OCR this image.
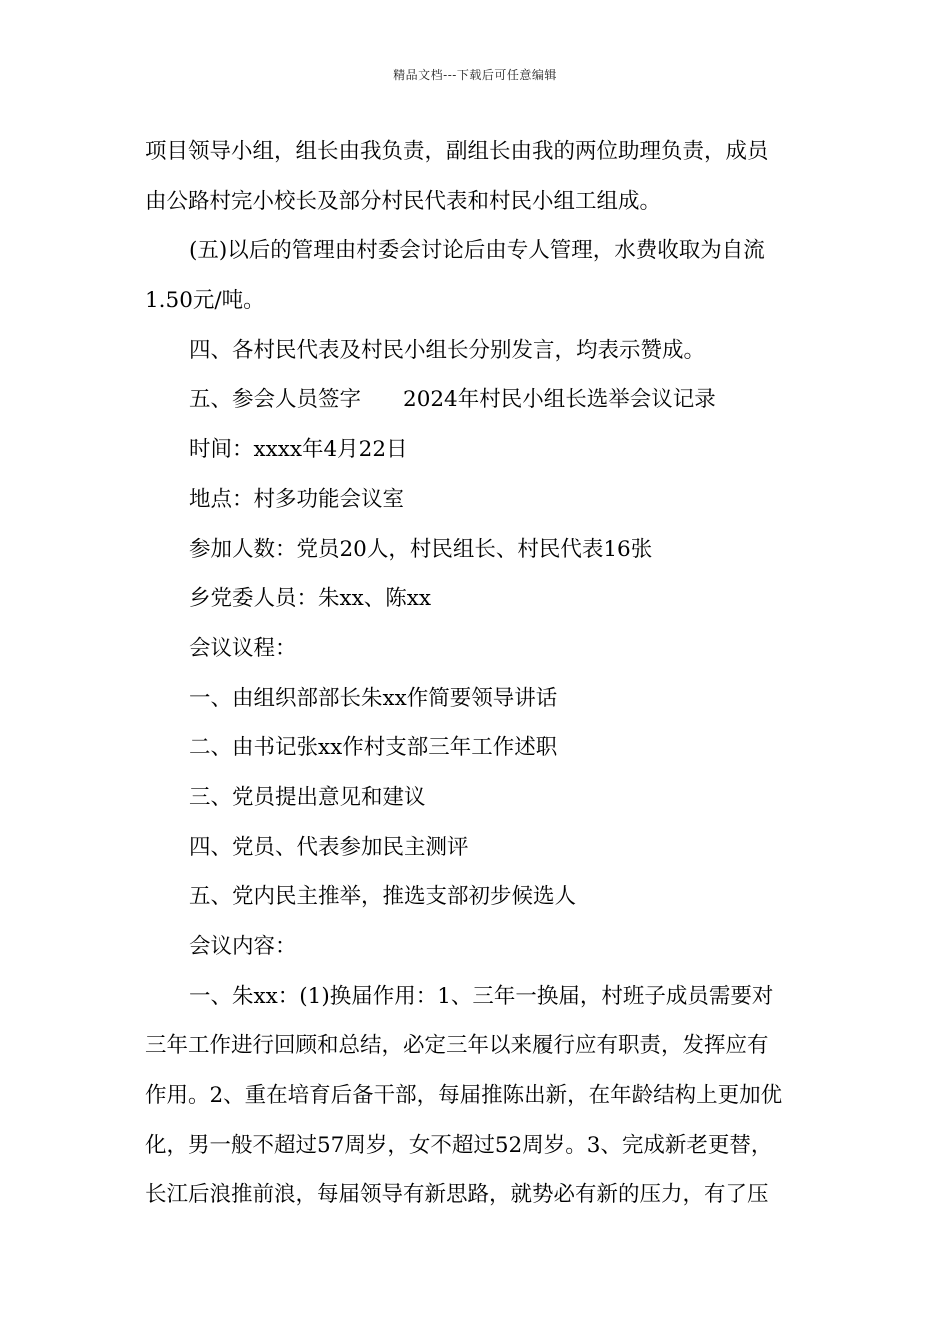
精品文档---下载后可任意编辑
项目领导小组，组长由我负责，副组长由我的两位助理负责，成员
由公路村完小校长及部分村民代表和村民小组工组成。
(五)以后的管理由村委会讨论后由专人管理，水费收取为自流
1.50元/吨。
四、各村民代表及村民小组长分别发言，均表示赞成。
五、参会人员签字 2024年村民小组长选举会议记录
时间：xxxx年4月22日
地点：村多功能会议室
参加人数：党员20人，村民组长、村民代表16张
乡党委人员：朱xx、陈xx
会议议程：
一、由组织部部长朱xx作简要领导讲话
二、由书记张xx作村支部三年工作述职
三、党员提出意见和建议
四、党员、代表参加民主测评
五、党内民主推举，推选支部初步候选人
会议内容：
一、朱xx：(1)换届作用：1、三年一换届，村班子成员需要对
三年工作进行回顾和总结，必定三年以来履行应有职责，发挥应有
作用。2、重在培育后备干部，每届推陈出新，在年龄结构上更加优
化，男一般不超过57周岁，女不超过52周岁。3、完成新老更替，
长江后浪推前浪，每届领导有新思路，就势必有新的压力，有了压
